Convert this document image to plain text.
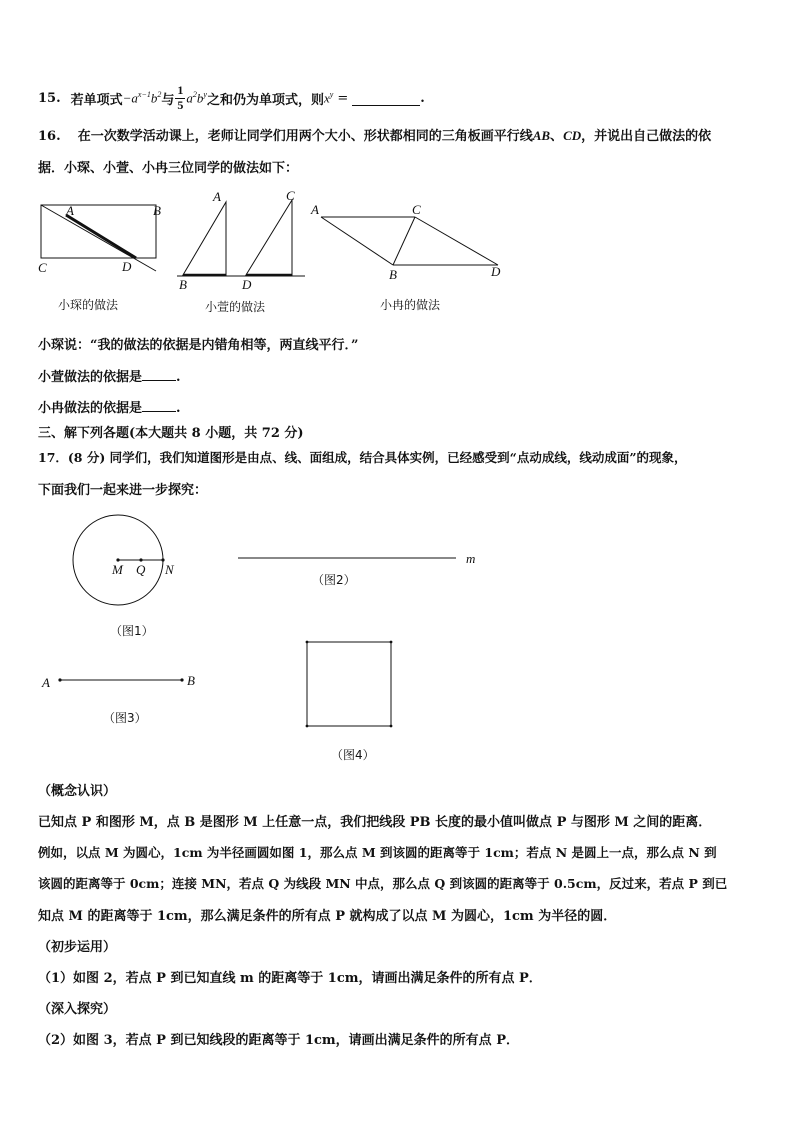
15. 若单项式 $-a^{x-1}b^2$ 与 $\frac{1}{5} a^2b^y$ 之和仍为单项式，则 $x^y$ =	.
16. 在一次数学活动课上，老师让同学们用两个大小、形状都相同的三角板画平行线AB、CD，并说出自己做法的依
据．小琛、小萱、小冉三位同学的做法如下：
A	B
C	D
A	C
B	D
A	C
B	D
小琛的做法	小萱的做法	小冉的做法
小琛说：“我的做法的依据是内错角相等，两直线平行．”
小萱做法的依据是	.
小冉做法的依据是	.
三、解下列各题(本大题共 8 小题，共 72 分)
17．(8 分) 同学们，我们知道图形是由点、线、面组成，结合具体实例，已经感受到“点动成线，线动成面”的现象，
下面我们一起来进一步探究：
M Q N
m
A	B
（图1）
（图2）
（图3）
（图4）
（概念认识）
已知点 P 和图形 M，点 B 是图形 M 上任意一点，我们把线段 PB 长度的最小值叫做点 P 与图形 M 之间的距离．
例如，以点 M 为圆心，1cm 为半径画圆如图 1，那么点 M 到该圆的距离等于 1cm；若点 N 是圆上一点，那么点 N 到
该圆的距离等于 0cm；连接 MN，若点 Q 为线段 MN 中点，那么点 Q 到该圆的距离等于 0.5cm，反过来，若点 P 到已
知点 M 的距离等于 1cm，那么满足条件的所有点 P 就构成了以点 M 为圆心，1cm 为半径的圆．
（初步运用）
（1）如图 2，若点 P 到已知直线 m 的距离等于 1cm，请画出满足条件的所有点 P．
（深入探究）
（2）如图 3，若点 P 到已知线段的距离等于 1cm，请画出满足条件的所有点 P．
